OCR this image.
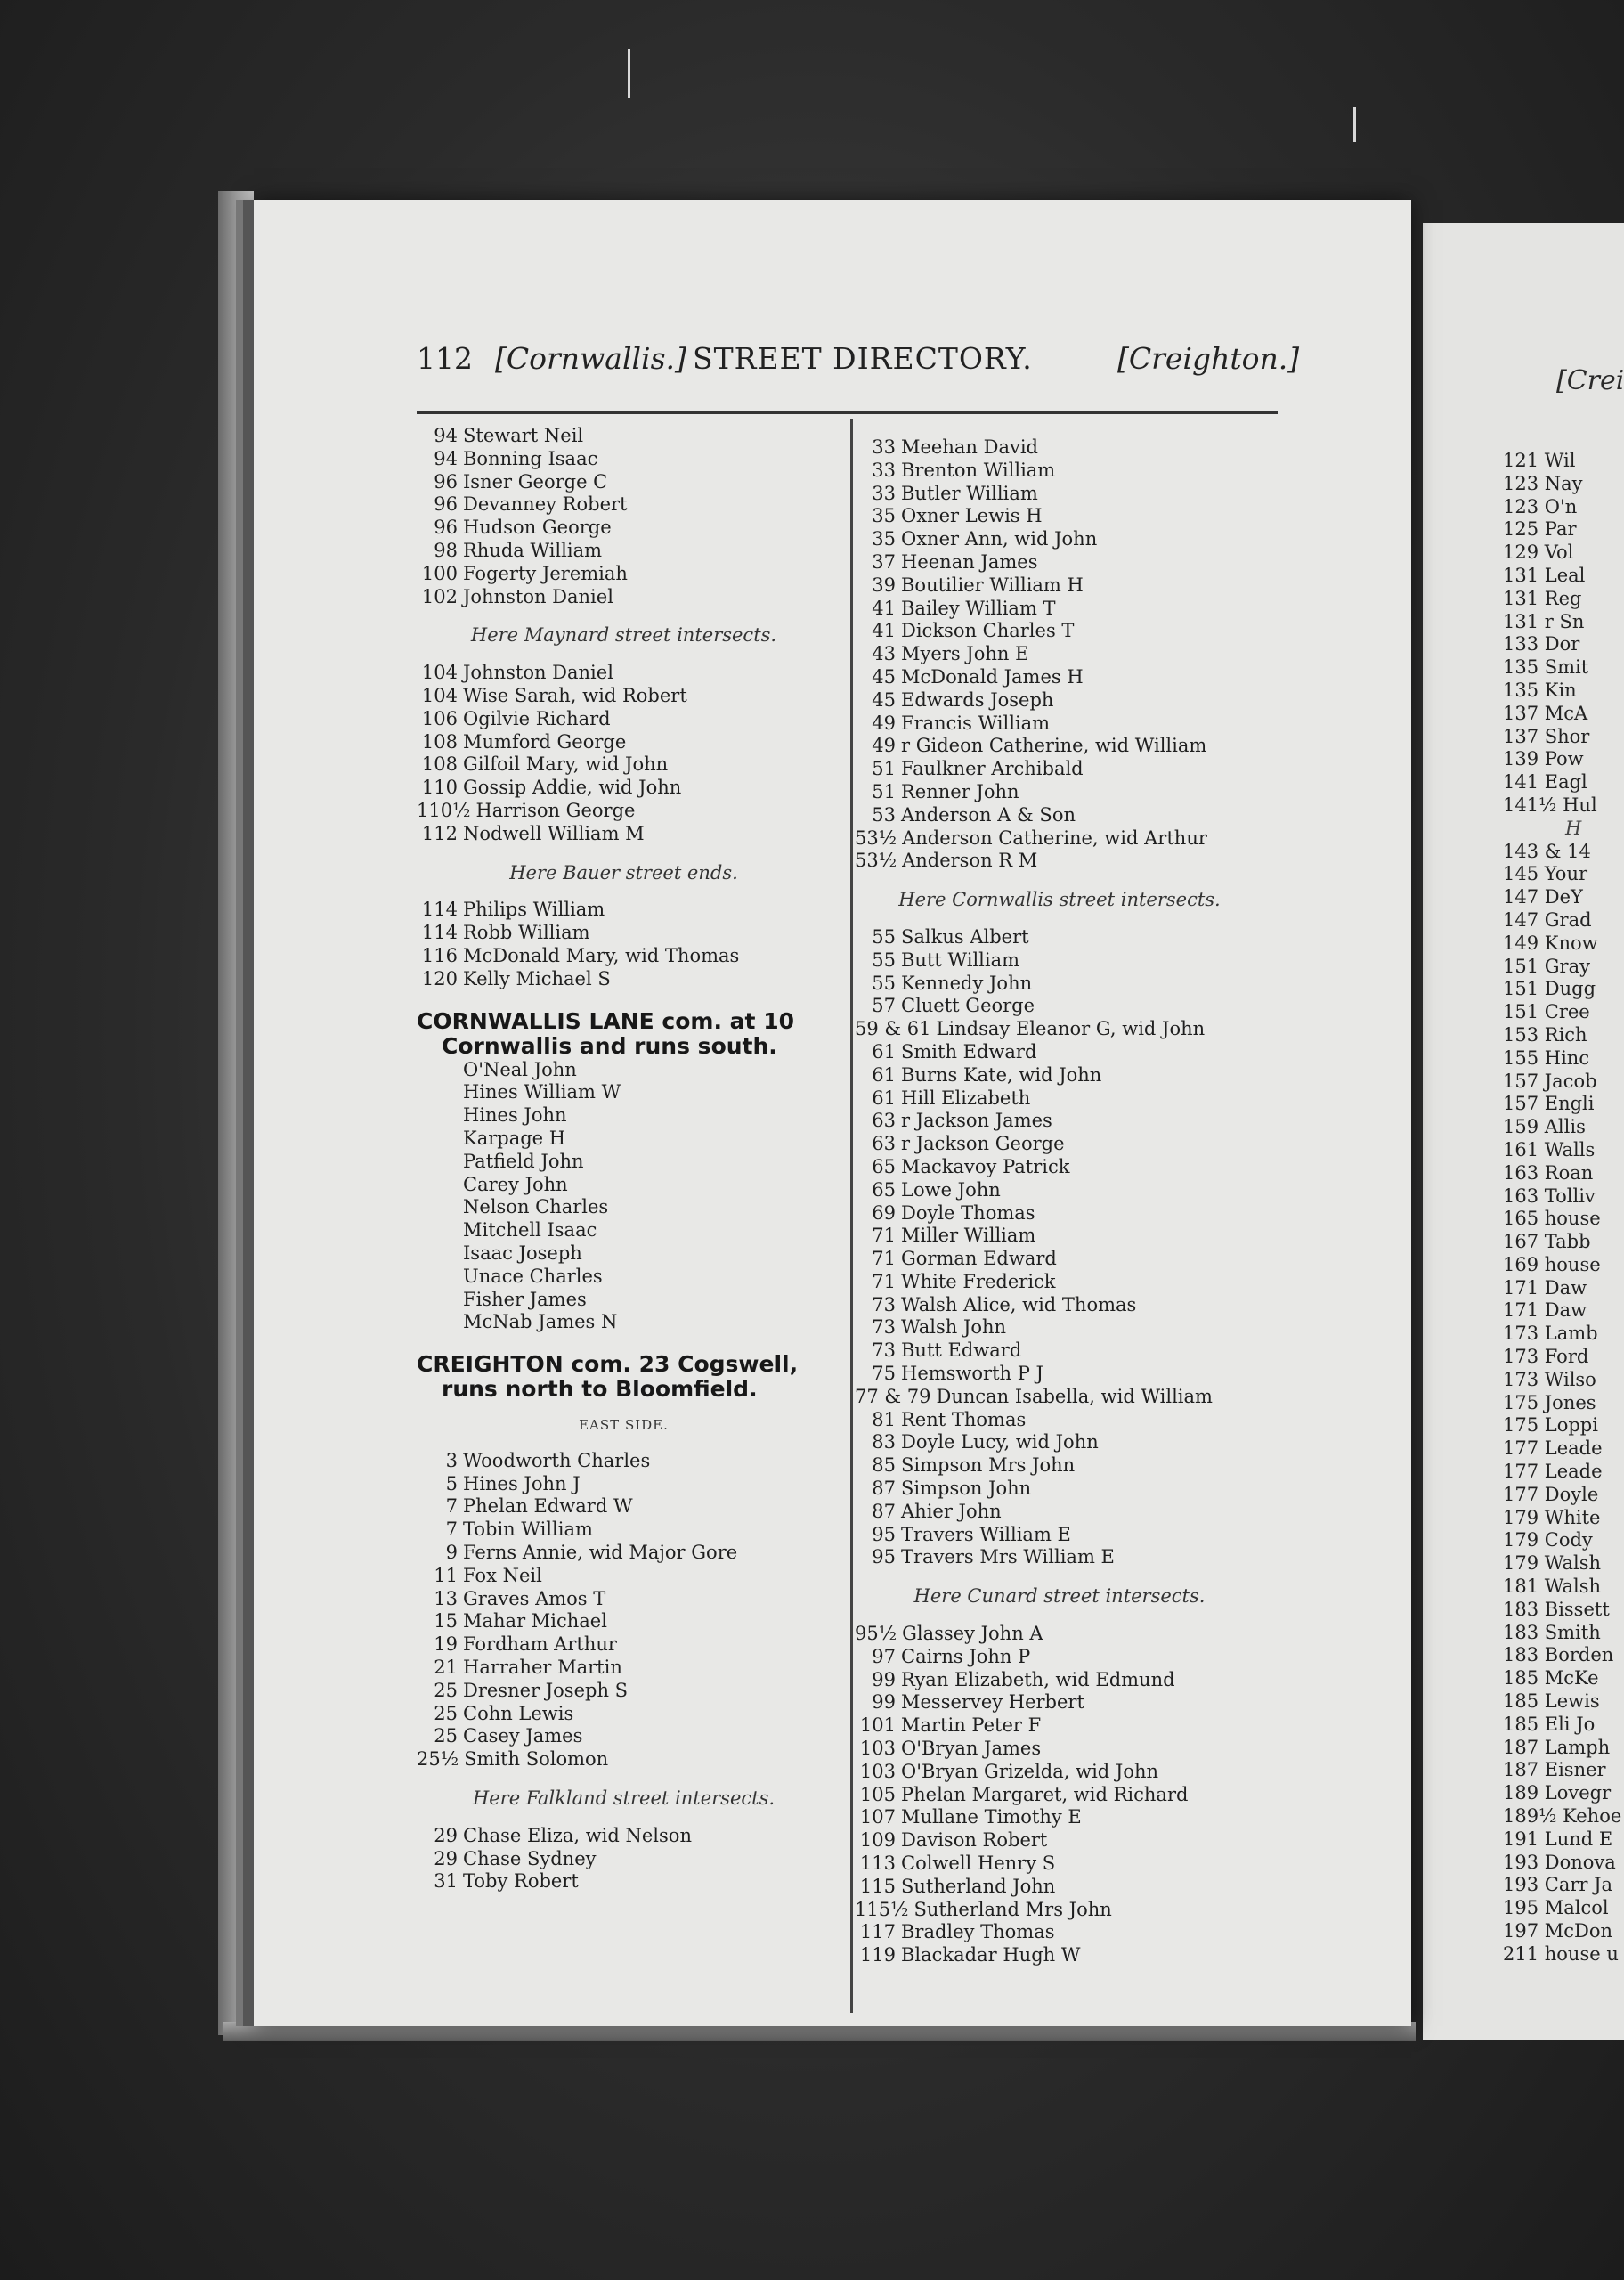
[Crei
121 Wil
123 Nay
123 O'n
125 Par
129 Vol
131 Leal
131 Reg
131 r Sn
133 Dor
135 Smit
135 Kin
137 McA
137 Shor
139 Pow
141 Eagl
141½ Hul
H
143 & 14
145 Your
147 DeY
147 Grad
149 Know
151 Gray
151 Dugg
151 Cree
153 Rich
155 Hinc
157 Jacob
157 Engli
159 Allis
161 Walls
163 Roan
163 Tolliv
165 house
167 Tabb
169 house
171 Daw
171 Daw
173 Lamb
173 Ford
173 Wilso
175 Jones
175 Loppi
177 Leade
177 Leade
177 Doyle
179 White
179 Cody
179 Walsh
181 Walsh
183 Bissett
183 Smith
183 Borden
185 McKe
185 Lewis
185 Eli Jo
187 Lamph
187 Eisner
189 Lovegr
189½ Kehoe
191 Lund E
193 Donova
193 Carr Ja
195 Malcol
197 McDon
211 house u
112 [Cornwallis.] STREET DIRECTORY.	[Creighton.]
94 Stewart Neil
94 Bonning Isaac
96 Isner George C
96 Devanney Robert
96 Hudson George
98 Rhuda William
100 Fogerty Jeremiah
102 Johnston Daniel
Here Maynard street intersects.
104 Johnston Daniel
104 Wise Sarah, wid Robert
106 Ogilvie Richard
108 Mumford George
108 Gilfoil Mary, wid John
110 Gossip Addie, wid John
110½ Harrison George
112 Nodwell William M
Here Bauer street ends.
114 Philips William
114 Robb William
116 McDonald Mary, wid Thomas
120 Kelly Michael S
CORNWALLIS LANE com. at 10
Cornwallis and runs south.
O'Neal John
Hines William W
Hines John
Karpage H
Patfield John
Carey John
Nelson Charles
Mitchell Isaac
Isaac Joseph
Unace Charles
Fisher James
McNab James N
CREIGHTON com. 23 Cogswell,
runs north to Bloomfield.
EAST SIDE.
3 Woodworth Charles
5 Hines John J
7 Phelan Edward W
7 Tobin William
9 Ferns Annie, wid Major Gore
11 Fox Neil
13 Graves Amos T
15 Mahar Michael
19 Fordham Arthur
21 Harraher Martin
25 Dresner Joseph S
25 Cohn Lewis
25 Casey James
25½ Smith Solomon
Here Falkland street intersects.
29 Chase Eliza, wid Nelson
29 Chase Sydney
31 Toby Robert
33 Meehan David
33 Brenton William
33 Butler William
35 Oxner Lewis H
35 Oxner Ann, wid John
37 Heenan James
39 Boutilier William H
41 Bailey William T
41 Dickson Charles T
43 Myers John E
45 McDonald James H
45 Edwards Joseph
49 Francis William
49 r Gideon Catherine, wid William
51 Faulkner Archibald
51 Renner John
53 Anderson A & Son
53½ Anderson Catherine, wid Arthur
53½ Anderson R M
Here Cornwallis street intersects.
55 Salkus Albert
55 Butt William
55 Kennedy John
57 Cluett George
59 & 61 Lindsay Eleanor G, wid John
61 Smith Edward
61 Burns Kate, wid John
61 Hill Elizabeth
63 r Jackson James
63 r Jackson George
65 Mackavoy Patrick
65 Lowe John
69 Doyle Thomas
71 Miller William
71 Gorman Edward
71 White Frederick
73 Walsh Alice, wid Thomas
73 Walsh John
73 Butt Edward
75 Hemsworth P J
77 & 79 Duncan Isabella, wid William
81 Rent Thomas
83 Doyle Lucy, wid John
85 Simpson Mrs John
87 Simpson John
87 Ahier John
95 Travers William E
95 Travers Mrs William E
Here Cunard street intersects.
95½ Glassey John A
97 Cairns John P
99 Ryan Elizabeth, wid Edmund
99 Messervey Herbert
101 Martin Peter F
103 O'Bryan James
103 O'Bryan Grizelda, wid John
105 Phelan Margaret, wid Richard
107 Mullane Timothy E
109 Davison Robert
113 Colwell Henry S
115 Sutherland John
115½ Sutherland Mrs John
117 Bradley Thomas
119 Blackadar Hugh W
